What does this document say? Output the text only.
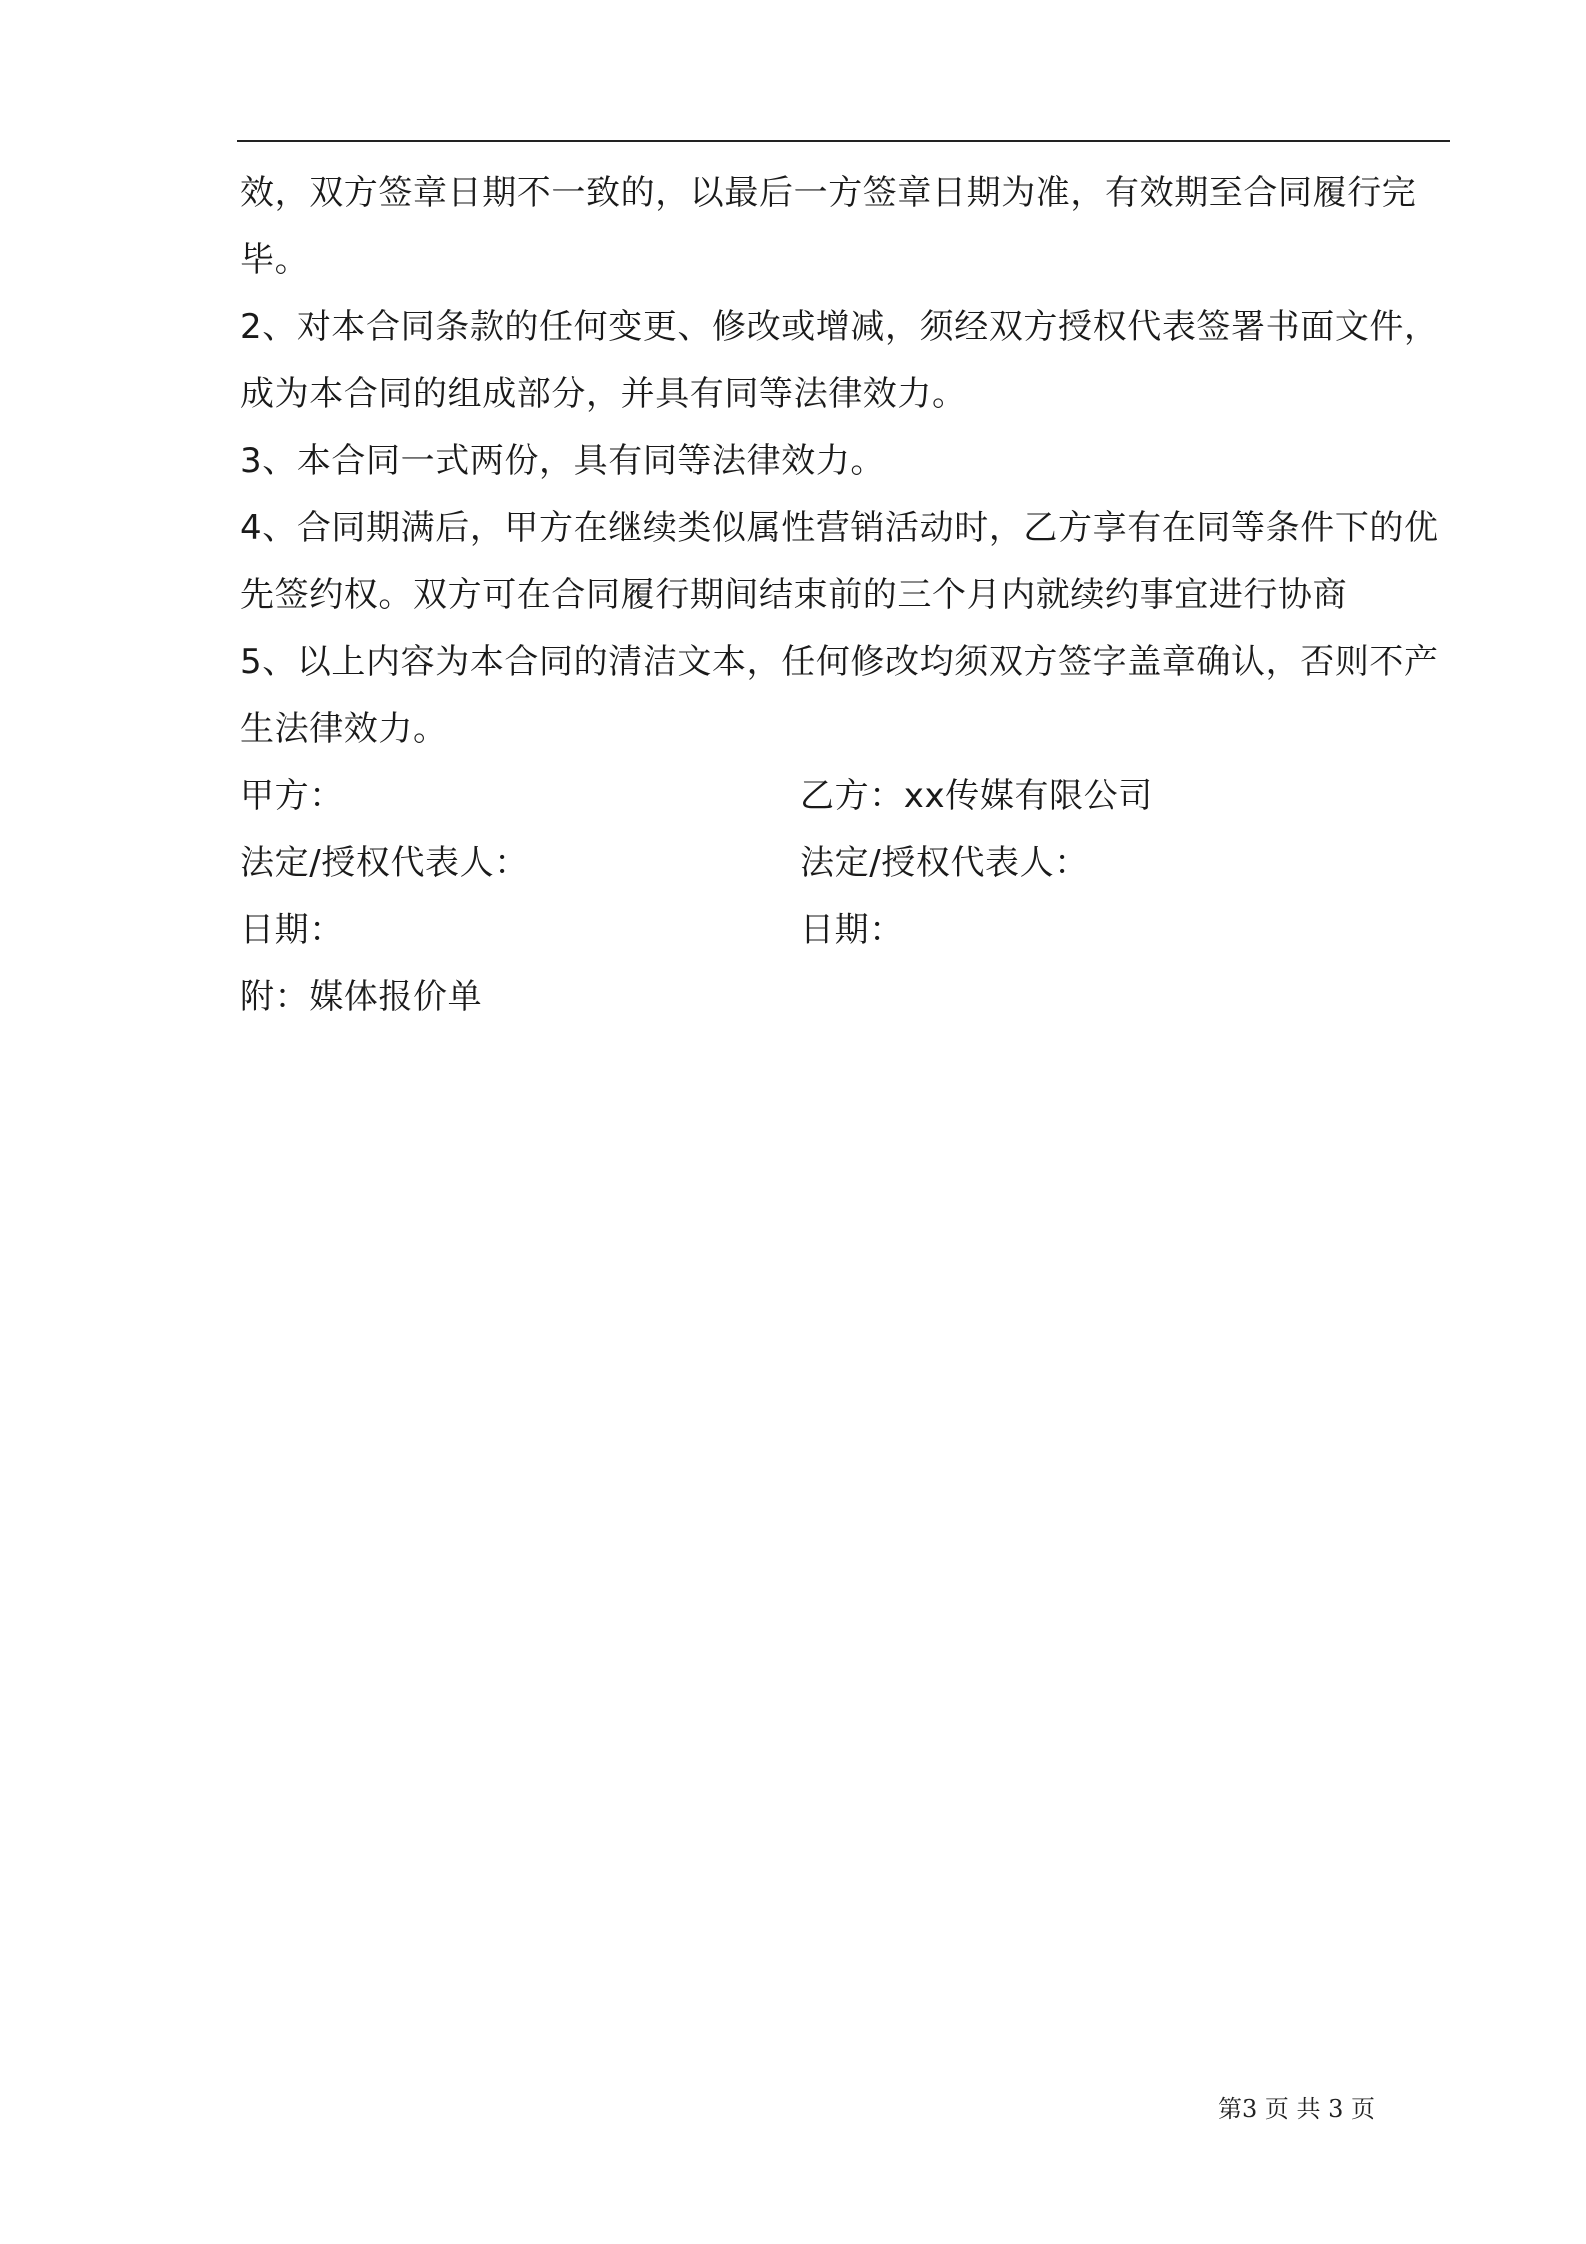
效，双方签章日期不一致的，以最后一方签章日期为准，有效期至合同履行完毕。

2、对本合同条款的任何变更、修改或增减，须经双方授权代表签署书面文件，成为本合同的组成部分，并具有同等法律效力。

3、本合同一式两份，具有同等法律效力。

4、合同期满后，甲方在继续类似属性营销活动时，乙方享有在同等条件下的优先签约权。双方可在合同履行期间结束前的三个月内就续约事宜进行协商

5、以上内容为本合同的清洁文本，任何修改均须双方签字盖章确认，否则不产生法律效力。

甲方：	乙方：xx传媒有限公司
法定/授权代表人：	法定/授权代表人：
日期：	日期：

附：媒体报价单

第3 页 共 3 页
